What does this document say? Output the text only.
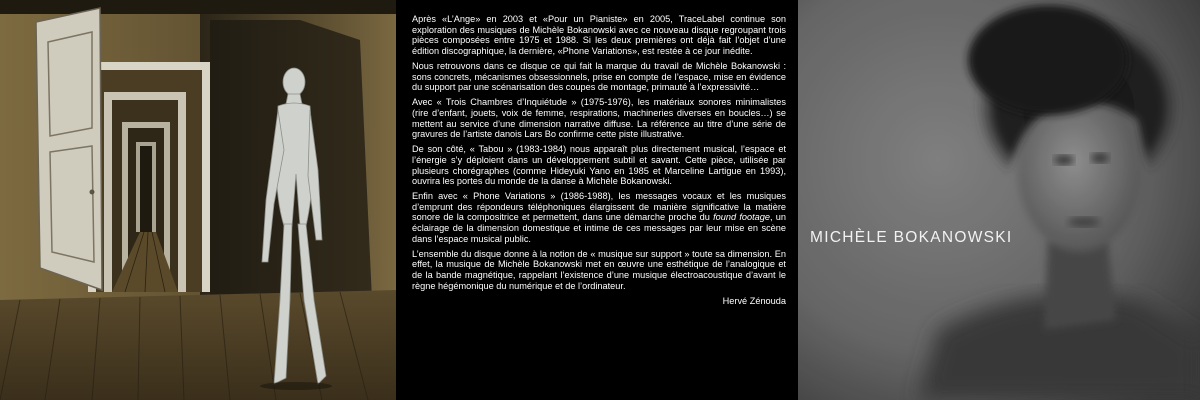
Après «L’Ange» en 2003 et «Pour un Pianiste» en 2005, TraceLabel continue son exploration des musiques de Michèle Bokanowski avec ce nouveau disque regroupant trois pièces composées entre 1975 et 1988. Si les deux premières ont déjà fait l’objet d’une édition discographique, la dernière, «Phone Variations», est restée à ce jour inédite.

Nous retrouvons dans ce disque ce qui fait la marque du travail de Michèle Bokanowski : sons concrets, mécanismes obsessionnels, prise en compte de l’espace, mise en évidence du support par une scénarisation des coupes de montage, primauté à l’expressivité…

Avec « Trois Chambres d’Inquiétude » (1975-1976), les matériaux sonores minimalistes (rire d’enfant, jouets, voix de femme, respirations, machineries diverses en boucles…) se mettent au service d’une dimension narrative diffuse. La référence au titre d’une série de gravures de l’artiste danois Lars Bo confirme cette piste illustrative.

De son côté, « Tabou » (1983-1984) nous apparaît plus directement musical, l’espace et l’énergie s’y déploient dans un développement subtil et savant. Cette pièce, utilisée par plusieurs chorégraphes (comme Hideyuki Yano en 1985 et Marceline Lartigue en 1993), ouvrira les portes du monde de la danse à Michèle Bokanowski.

Enfin avec « Phone Variations » (1986-1988), les messages vocaux et les musiques d’emprunt des répondeurs téléphoniques élargissent de manière significative la matière sonore de la compositrice et permettent, dans une démarche proche du found footage, un éclairage de la dimension domestique et intime de ces messages par leur mise en scène dans l’espace musical public.

L’ensemble du disque donne à la notion de « musique sur support » toute sa dimension. En effet, la musique de Michèle Bokanowski met en œuvre une esthétique de l’analogique et de la bande magnétique, rappelant l’existence d’une musique électroacoustique d’avant le règne hégémonique du numérique et de l’ordinateur.

Hervé Zénouda
MICHÈLE BOKANOWSKI
